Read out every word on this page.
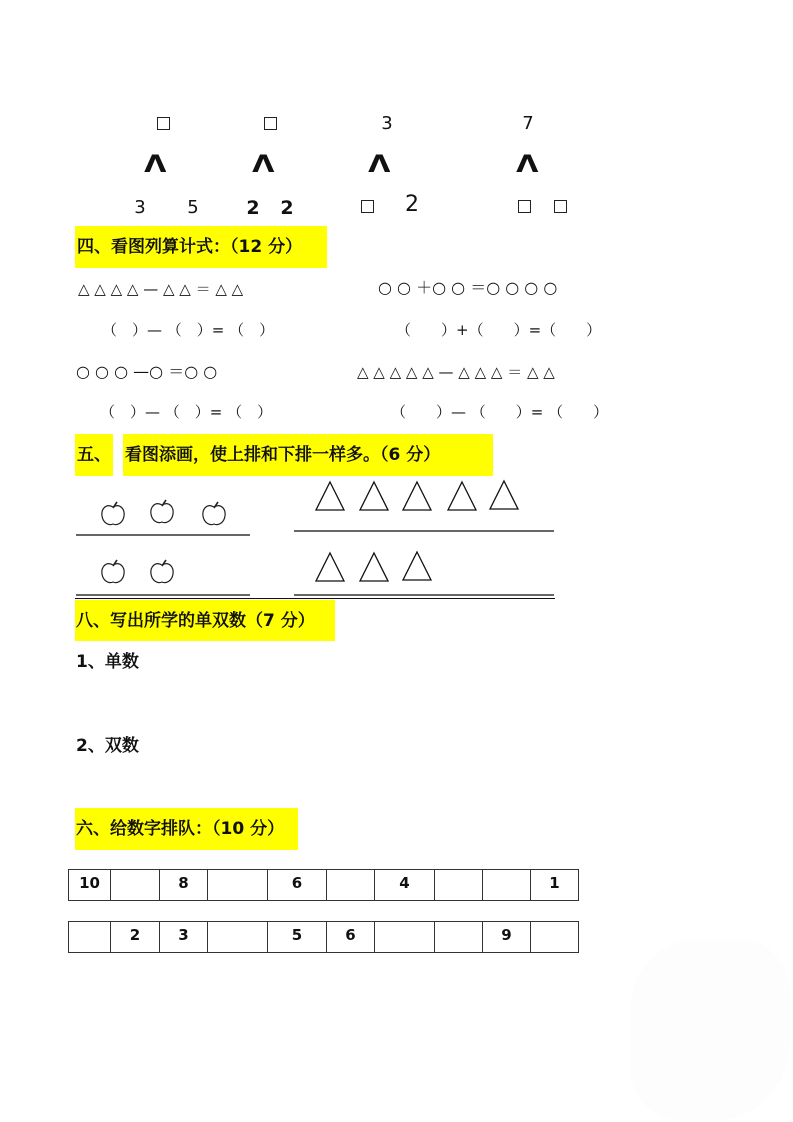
Λ
3 5
Λ
2 2
3
Λ
2
7
Λ
四、看图列算计式：（12 分）
△ △ △ △ — △ △ ＝ △ △
（　）— （　）= （　）
○ ○ ＋○ ○ ＝○ ○ ○ ○
（　　）+（　　）=（　　）
○ ○ ○ —○ ＝○ ○
（　）— （　）= （　）
△ △ △ △ △ — △ △ △ ＝ △ △
（　　）— （　　）= （　　）
五、 看图添画，使上排和下排一样多。（6 分）
八、写出所学的单双数（7 分）
1、单数
2、双数
六、给数字排队：（10 分）
10		8		6		4			1
	2	3		5	6			9	
